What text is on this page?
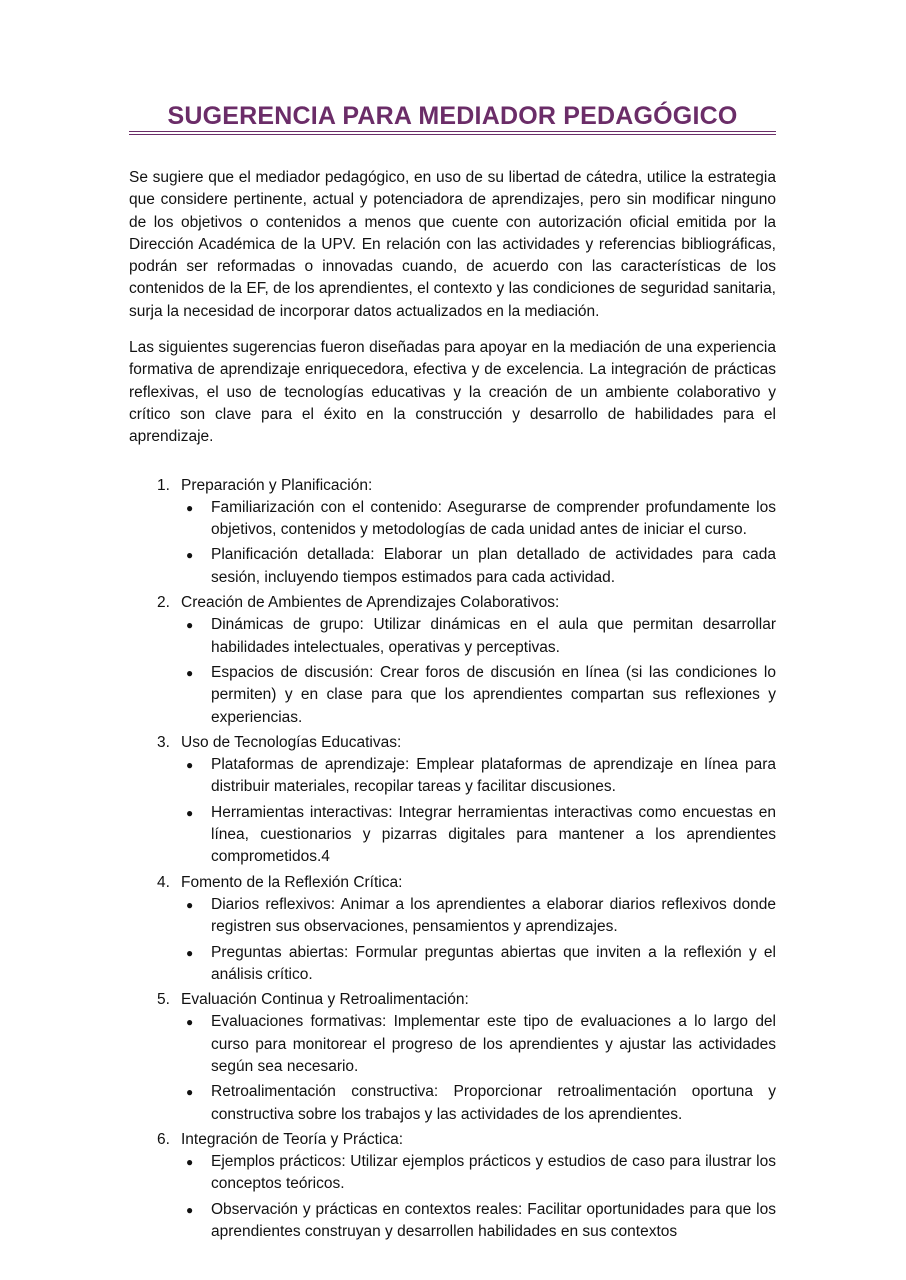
SUGERENCIA PARA MEDIADOR PEDAGÓGICO

Se sugiere que el mediador pedagógico, en uso de su libertad de cátedra, utilice la estrategia que considere pertinente, actual y potenciadora de aprendizajes, pero sin modificar ninguno de los objetivos o contenidos a menos que cuente con autorización oficial emitida por la Dirección Académica de la UPV. En relación con las actividades y referencias bibliográficas, podrán ser reformadas o innovadas cuando, de acuerdo con las características de los contenidos de la EF, de los aprendientes, el contexto y las condiciones de seguridad sanitaria, surja la necesidad de incorporar datos actualizados en la mediación.

Las siguientes sugerencias fueron diseñadas para apoyar en la mediación de una experiencia formativa de aprendizaje enriquecedora, efectiva y de excelencia. La integración de prácticas reflexivas, el uso de tecnologías educativas y la creación de un ambiente colaborativo y crítico son clave para el éxito en la construcción y desarrollo de habilidades para el aprendizaje.

1. Preparación y Planificación:
● Familiarización con el contenido: Asegurarse de comprender profundamente los objetivos, contenidos y metodologías de cada unidad antes de iniciar el curso.
● Planificación detallada: Elaborar un plan detallado de actividades para cada sesión, incluyendo tiempos estimados para cada actividad.
2. Creación de Ambientes de Aprendizajes Colaborativos:
● Dinámicas de grupo: Utilizar dinámicas en el aula que permitan desarrollar habilidades intelectuales, operativas y perceptivas.
● Espacios de discusión: Crear foros de discusión en línea (si las condiciones lo permiten) y en clase para que los aprendientes compartan sus reflexiones y experiencias.
3. Uso de Tecnologías Educativas:
● Plataformas de aprendizaje: Emplear plataformas de aprendizaje en línea para distribuir materiales, recopilar tareas y facilitar discusiones.
● Herramientas interactivas: Integrar herramientas interactivas como encuestas en línea, cuestionarios y pizarras digitales para mantener a los aprendientes comprometidos.4
4. Fomento de la Reflexión Crítica:
● Diarios reflexivos: Animar a los aprendientes a elaborar diarios reflexivos donde registren sus observaciones, pensamientos y aprendizajes.
● Preguntas abiertas: Formular preguntas abiertas que inviten a la reflexión y el análisis crítico.
5. Evaluación Continua y Retroalimentación:
● Evaluaciones formativas: Implementar este tipo de evaluaciones a lo largo del curso para monitorear el progreso de los aprendientes y ajustar las actividades según sea necesario.
● Retroalimentación constructiva: Proporcionar retroalimentación oportuna y constructiva sobre los trabajos y las actividades de los aprendientes.
6. Integración de Teoría y Práctica:
● Ejemplos prácticos: Utilizar ejemplos prácticos y estudios de caso para ilustrar los conceptos teóricos.
● Observación y prácticas en contextos reales: Facilitar oportunidades para que los aprendientes construyan y desarrollen habilidades en sus contextos
